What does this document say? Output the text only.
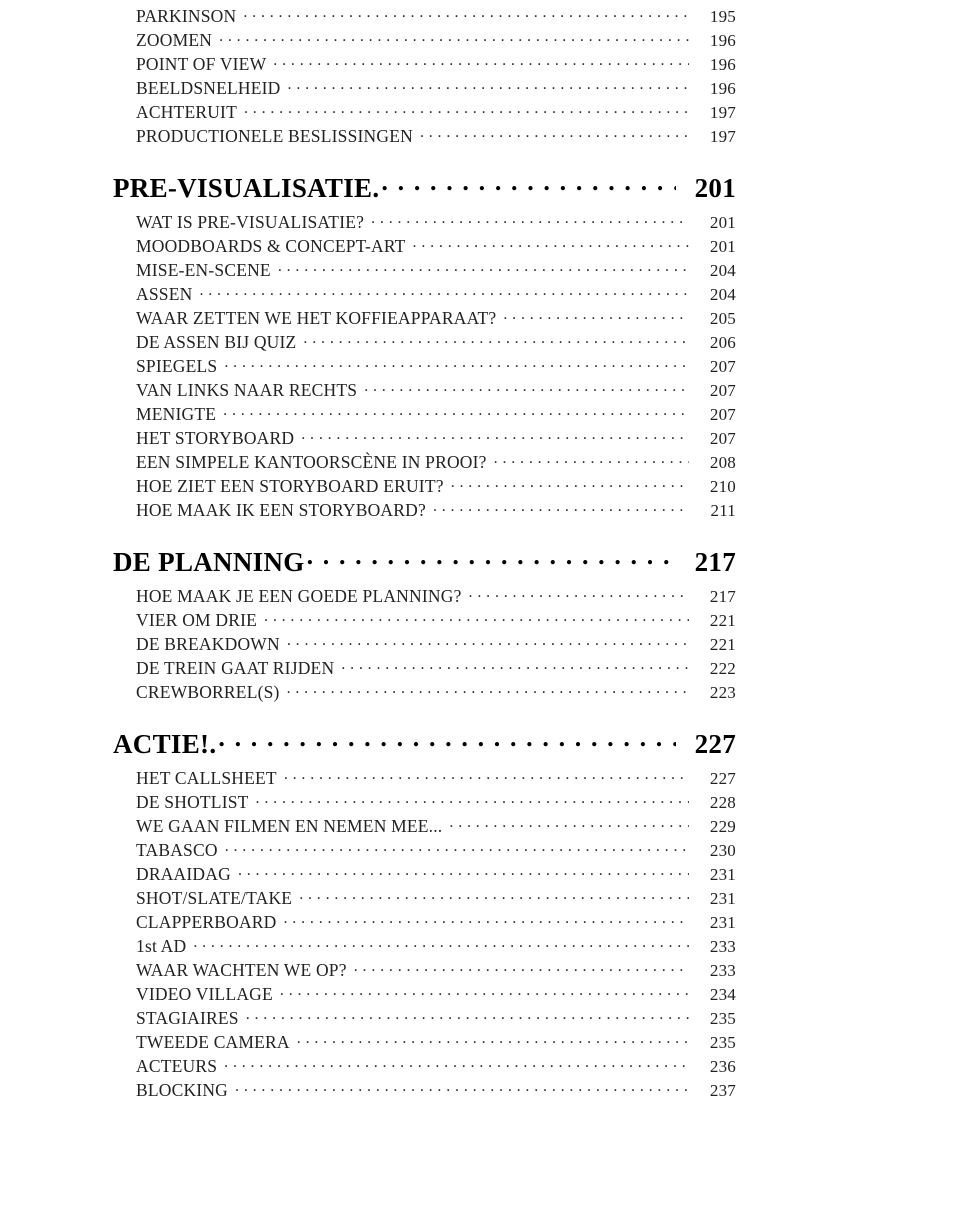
PARKINSON . . .	195
ZOOMEN . . .	196
POINT OF VIEW . . .	196
BEELDSNELHEID . . .	196
ACHTERUIT . . .	197
PRODUCTIONELE BESLISSINGEN . . .	197
PRE-VISUALISATIE. . . .	201
WAT IS PRE-VISUALISATIE? . . .	201
MOODBOARDS & CONCEPT-ART . . .	201
MISE-EN-SCENE . . .	204
ASSEN . . .	204
WAAR ZETTEN WE HET KOFFIEAPPARAAT? . . .	205
DE ASSEN BIJ QUIZ . . .	206
SPIEGELS . . .	207
VAN LINKS NAAR RECHTS . . .	207
MENIGTE . . .	207
HET STORYBOARD . . .	207
EEN SIMPELE KANTOORSCÈNE IN PROOI? . . .	208
HOE ZIET EEN STORYBOARD ERUIT? . . .	210
HOE MAAK IK EEN STORYBOARD? . . .	211
DE PLANNING . . .	217
HOE MAAK JE EEN GOEDE PLANNING? . . .	217
VIER OM DRIE . . .	221
DE BREAKDOWN . . .	221
DE TREIN GAAT RIJDEN . . .	222
CREWBORREL(S) . . .	223
ACTIE!. . . .	227
HET CALLSHEET . . .	227
DE SHOTLIST . . .	228
WE GAAN FILMEN EN NEMEN MEE... . . .	229
TABASCO . . .	230
DRAAIDAG . . .	231
SHOT/SLATE/TAKE . . .	231
CLAPPERBOARD . . .	231
1st AD . . .	233
WAAR WACHTEN WE OP? . . .	233
VIDEO VILLAGE . . .	234
STAGIAIRES . . .	235
TWEEDE CAMERA . . .	235
ACTEURS . . .	236
BLOCKING . . .	237
